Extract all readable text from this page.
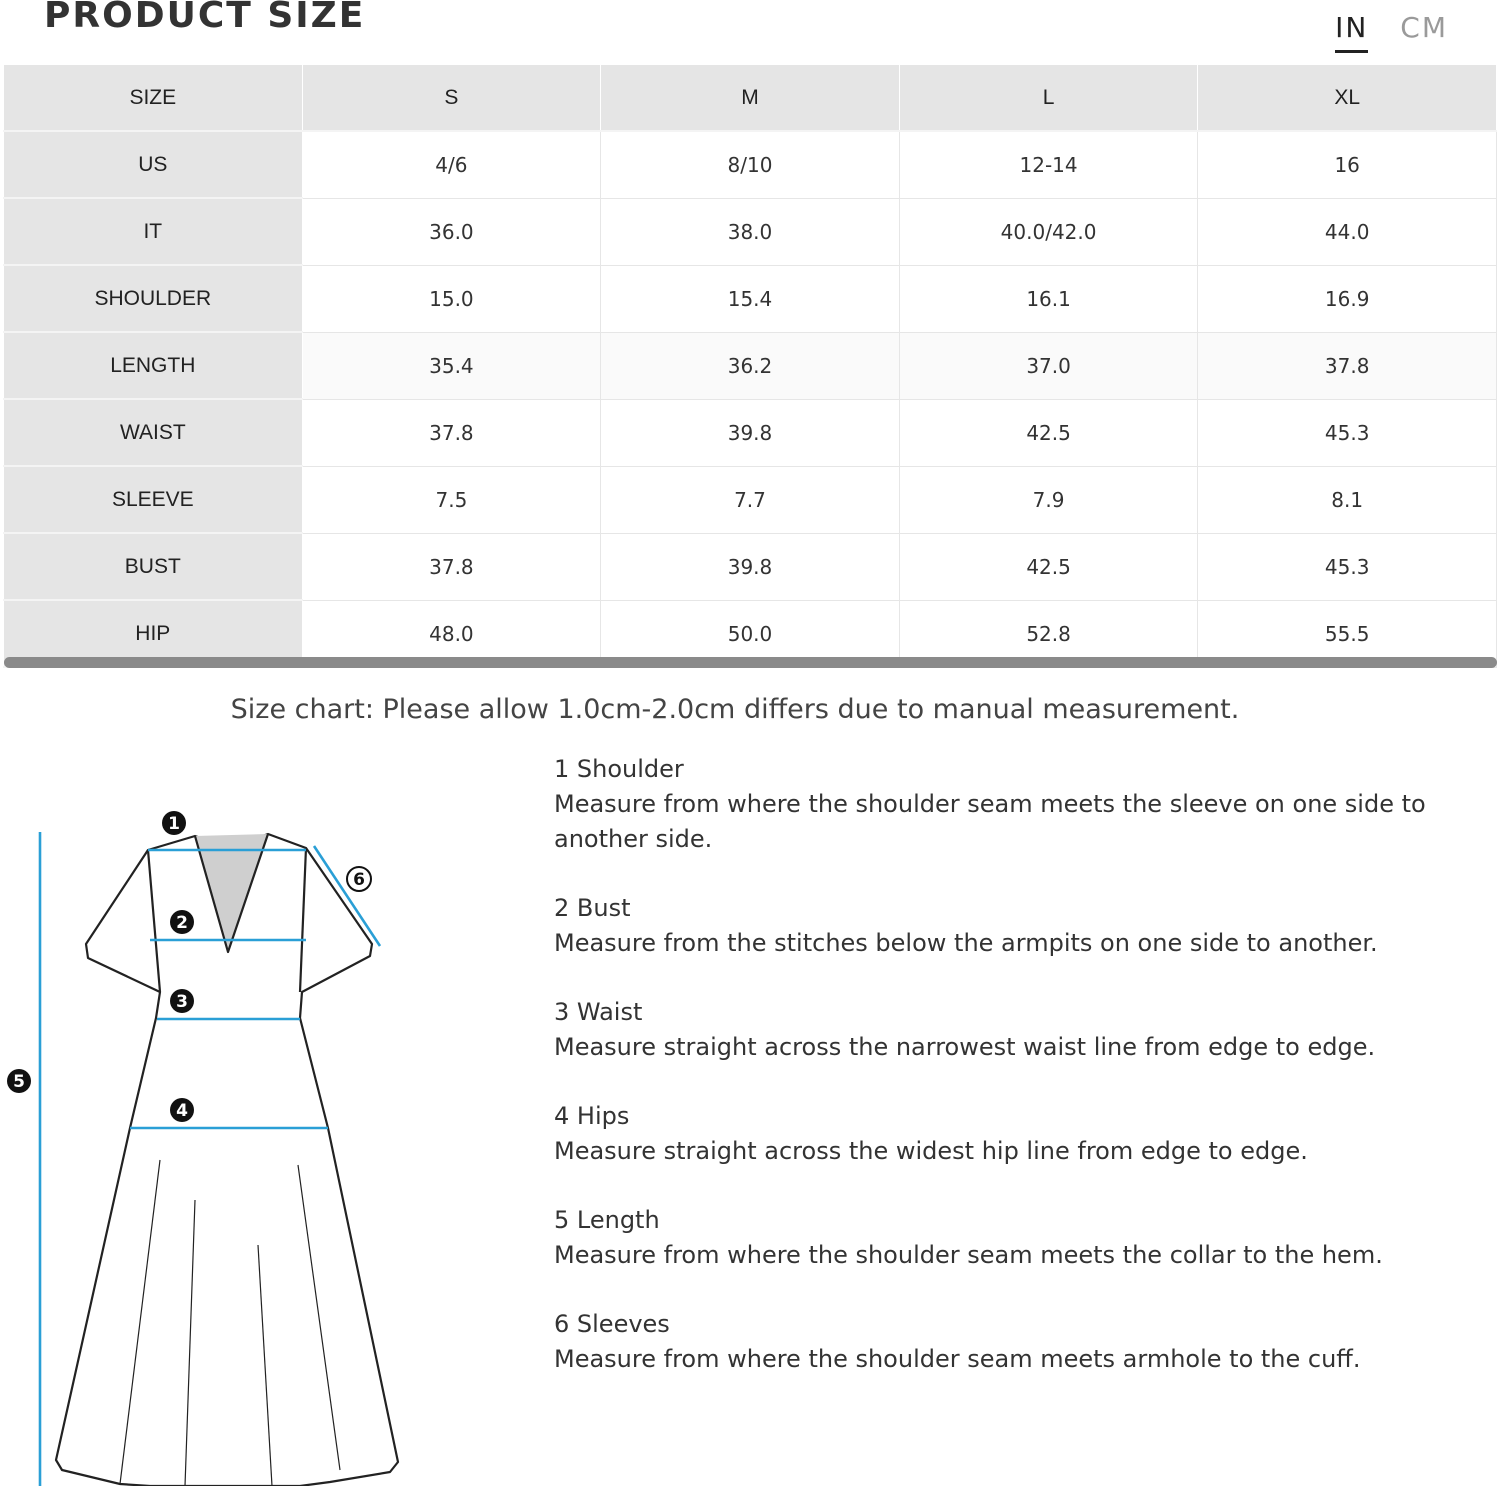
PRODUCT SIZE	IN CM
SIZE	S	M	L	XL
US	4/6	8/10	12-14	16
IT	36.0	38.0	40.0/42.0	44.0
SHOULDER	15.0	15.4	16.1	16.9
LENGTH	35.4	36.2	37.0	37.8
WAIST	37.8	39.8	42.5	45.3
SLEEVE	7.5	7.7	7.9	8.1
BUST	37.8	39.8	42.5	45.3
HIP	48.0	50.0	52.8	55.5
Size chart: Please allow 1.0cm-2.0cm differs due to manual measurement.
1
2
3
4
5
6
1 Shoulder
Measure from where the shoulder seam meets the sleeve on one side to another side.
2 Bust
Measure from the stitches below the armpits on one side to another.
3 Waist
Measure straight across the narrowest waist line from edge to edge.
4 Hips
Measure straight across the widest hip line from edge to edge.
5 Length
Measure from where the shoulder seam meets the collar to the hem.
6 Sleeves
Measure from where the shoulder seam meets armhole to the cuff.
